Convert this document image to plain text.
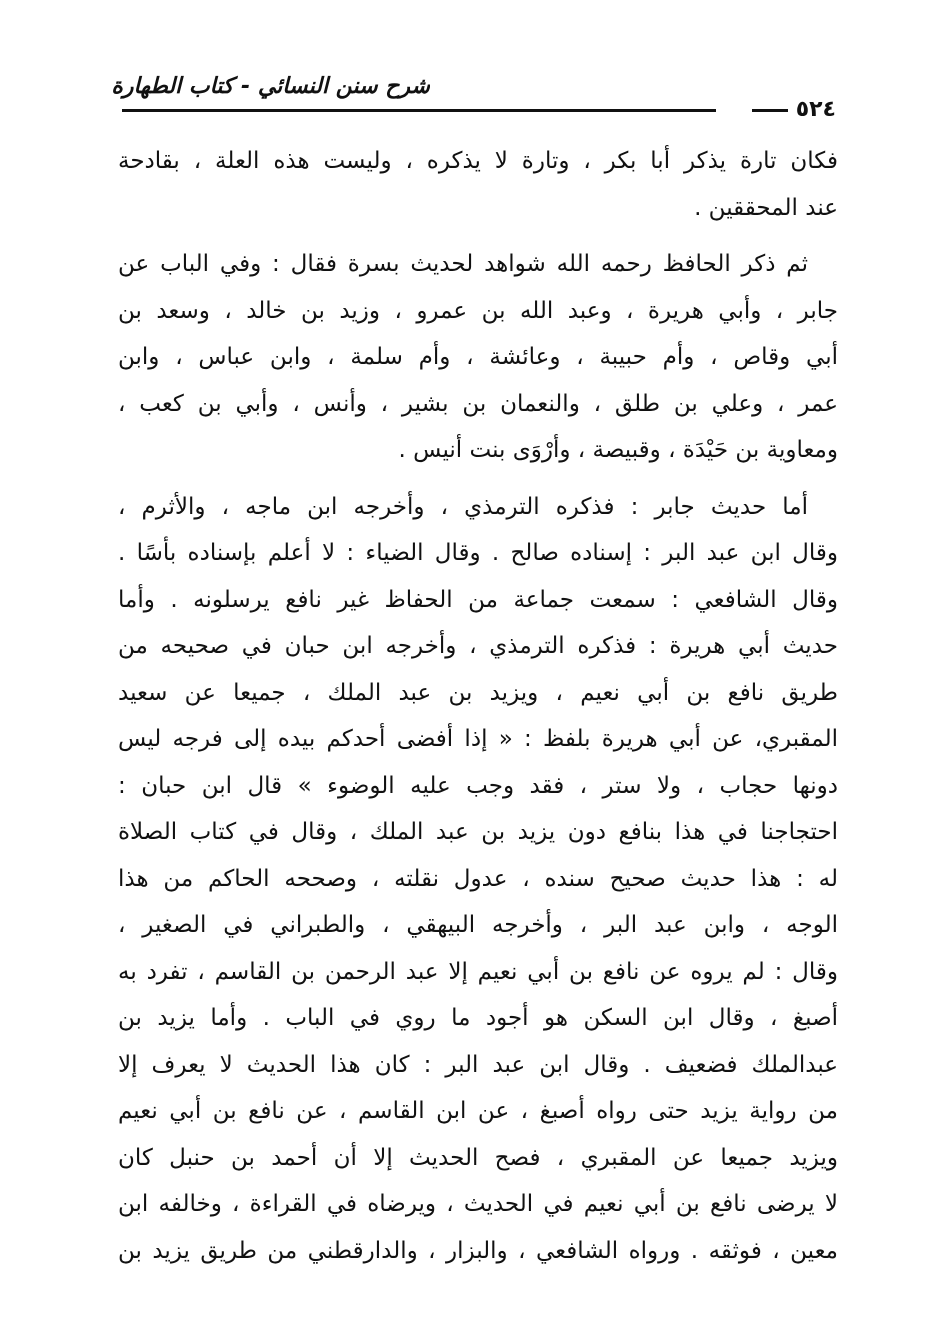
شرح سنن النسائي - كتاب الطهارة
٥٢٤
فكان تارة يذكر أبا بكر ، وتارة لا يذكره ، وليست هذه العلة ، بقادحة
عند المحققين .
ثم ذكر الحافظ رحمه الله شواهد لحديث بسرة فقال : وفي الباب عن
جابر ، وأبي هريرة ، وعبد الله بن عمرو ، وزيد بن خالد ، وسعد بن
أبي وقاص ، وأم حبيبة ، وعائشة ، وأم سلمة ، وابن عباس ، وابن
عمر ، وعلي بن طلق ، والنعمان بن بشير ، وأنس ، وأبي بن كعب ،
ومعاوية بن حَيْدَة ، وقبيصة ، وأرْوَى بنت أنيس .
أما حديث جابر : فذكره الترمذي ، وأخرجه ابن ماجه ، والأثرم ،
وقال ابن عبد البر : إسناده صالح . وقال الضياء : لا أعلم بإسناده بأسًا .
وقال الشافعي : سمعت جماعة من الحفاظ غير نافع يرسلونه . وأما
حديث أبي هريرة : فذكره الترمذي ، وأخرجه ابن حبان في صحيحه من
طريق نافع بن أبي نعيم ، ويزيد بن عبد الملك ، جميعا عن سعيد
المقبري، عن أبي هريرة بلفظ : « إذا أفضى أحدكم بيده إلى فرجه ليس
دونها حجاب ، ولا ستر ، فقد وجب عليه الوضوء » قال ابن حبان :
احتجاجنا في هذا بنافع دون يزيد بن عبد الملك ، وقال في كتاب الصلاة
له : هذا حديث صحيح سنده ، عدول نقلته ، وصححه الحاكم من هذا
الوجه ، وابن عبد البر ، وأخرجه البيهقي ، والطبراني في الصغير ،
وقال : لم يروه عن نافع بن أبي نعيم إلا عبد الرحمن بن القاسم ، تفرد به
أصبغ ، وقال ابن السكن هو أجود ما روي في الباب . وأما يزيد بن
عبدالملك فضعيف . وقال ابن عبد البر : كان هذا الحديث لا يعرف إلا
من رواية يزيد حتى رواه أصبغ ، عن ابن القاسم ، عن نافع بن أبي نعيم
ويزيد جميعا عن المقبري ، فصح الحديث إلا أن أحمد بن حنبل كان
لا يرضى نافع بن أبي نعيم في الحديث ، ويرضاه في القراءة ، وخالفه ابن
معين ، فوثقه . ورواه الشافعي ، والبزار ، والدارقطني من طريق يزيد بن
